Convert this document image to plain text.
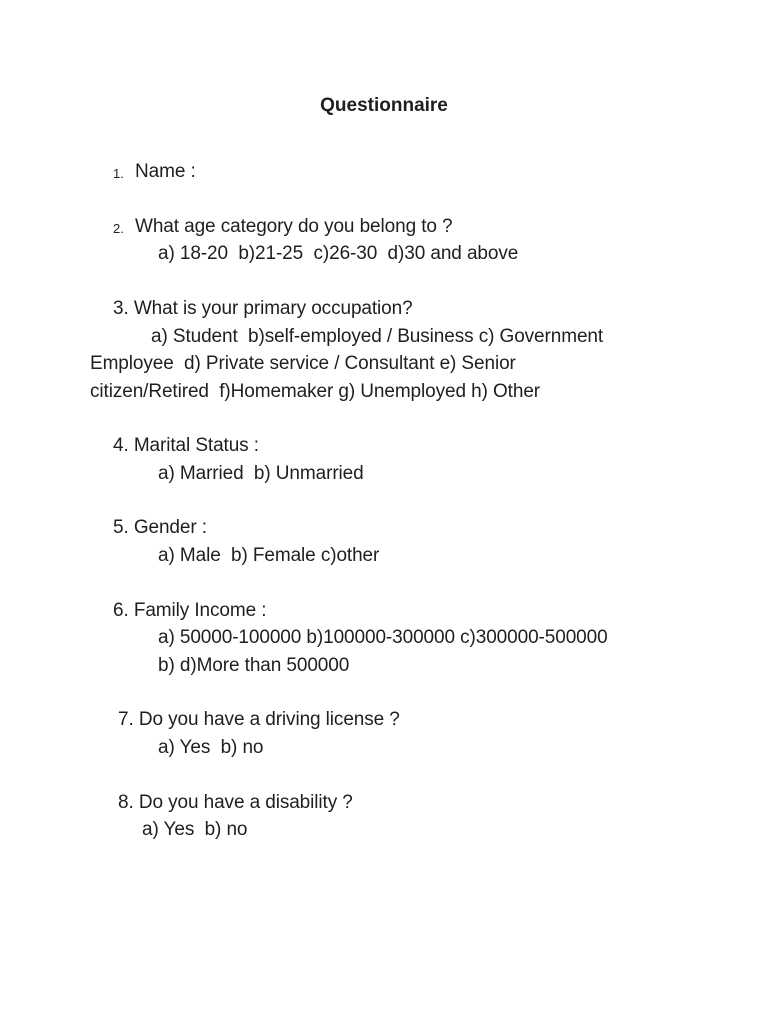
Questionnaire
1. Name :
2. What age category do you belong to ?
a) 18-20  b)21-25  c)26-30  d)30 and above
3. What is your primary occupation?
a) Student  b)self-employed / Business c) Government
Employee  d) Private service / Consultant e) Senior
citizen/Retired  f)Homemaker g) Unemployed h) Other
4. Marital Status :
a) Married  b) Unmarried
5. Gender :
a) Male  b) Female c)other
6. Family Income :
a) 50000-100000 b)100000-300000 c)300000-500000
b) d)More than 500000
7. Do you have a driving license ?
a) Yes  b) no
8. Do you have a disability ?
a) Yes  b) no
